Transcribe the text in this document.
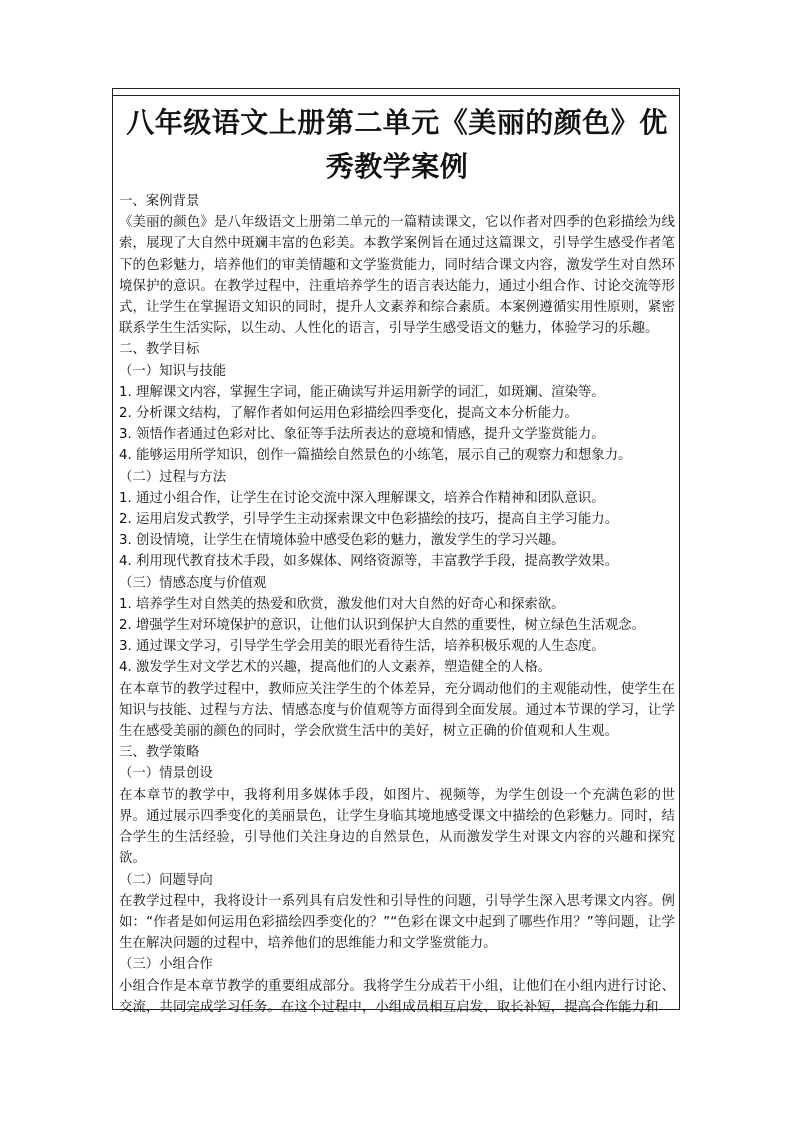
八年级语文上册第二单元《美丽的颜色》优秀教学案例

一、案例背景

《美丽的颜色》是八年级语文上册第二单元的一篇精读课文，它以作者对四季的色彩描绘为线索，展现了大自然中斑斓丰富的色彩美。本教学案例旨在通过这篇课文，引导学生感受作者笔下的色彩魅力，培养他们的审美情趣和文学鉴赏能力，同时结合课文内容，激发学生对自然环境保护的意识。在教学过程中，注重培养学生的语言表达能力，通过小组合作、讨论交流等形式，让学生在掌握语文知识的同时，提升人文素养和综合素质。本案例遵循实用性原则，紧密联系学生生活实际，以生动、人性化的语言，引导学生感受语文的魅力，体验学习的乐趣。

二、教学目标

（一）知识与技能

1. 理解课文内容，掌握生字词，能正确读写并运用新学的词汇，如斑斓、渲染等。

2. 分析课文结构，了解作者如何运用色彩描绘四季变化，提高文本分析能力。

3. 领悟作者通过色彩对比、象征等手法所表达的意境和情感，提升文学鉴赏能力。

4. 能够运用所学知识，创作一篇描绘自然景色的小练笔，展示自己的观察力和想象力。

（二）过程与方法

1. 通过小组合作，让学生在讨论交流中深入理解课文，培养合作精神和团队意识。

2. 运用启发式教学，引导学生主动探索课文中色彩描绘的技巧，提高自主学习能力。

3. 创设情境，让学生在情境体验中感受色彩的魅力，激发学生的学习兴趣。

4. 利用现代教育技术手段，如多媒体、网络资源等，丰富教学手段，提高教学效果。

（三）情感态度与价值观

1. 培养学生对自然美的热爱和欣赏，激发他们对大自然的好奇心和探索欲。

2. 增强学生对环境保护的意识，让他们认识到保护大自然的重要性，树立绿色生活观念。

3. 通过课文学习，引导学生学会用美的眼光看待生活，培养积极乐观的人生态度。

4. 激发学生对文学艺术的兴趣，提高他们的人文素养，塑造健全的人格。

在本章节的教学过程中，教师应关注学生的个体差异，充分调动他们的主观能动性，使学生在知识与技能、过程与方法、情感态度与价值观等方面得到全面发展。通过本节课的学习，让学生在感受美丽的颜色的同时，学会欣赏生活中的美好，树立正确的价值观和人生观。

三、教学策略

（一）情景创设

在本章节的教学中，我将利用多媒体手段，如图片、视频等，为学生创设一个充满色彩的世界。通过展示四季变化的美丽景色，让学生身临其境地感受课文中描绘的色彩魅力。同时，结合学生的生活经验，引导他们关注身边的自然景色，从而激发学生对课文内容的兴趣和探究欲。

（二）问题导向

在教学过程中，我将设计一系列具有启发性和引导性的问题，引导学生深入思考课文内容。例如：“作者是如何运用色彩描绘四季变化的？”“色彩在课文中起到了哪些作用？”等问题，让学生在解决问题的过程中，培养他们的思维能力和文学鉴赏能力。

（三）小组合作

小组合作是本章节教学的重要组成部分。我将学生分成若干小组，让他们在小组内进行讨论、交流，共同完成学习任务。在这个过程中，小组成员相互启发、取长补短，提高合作能力和
